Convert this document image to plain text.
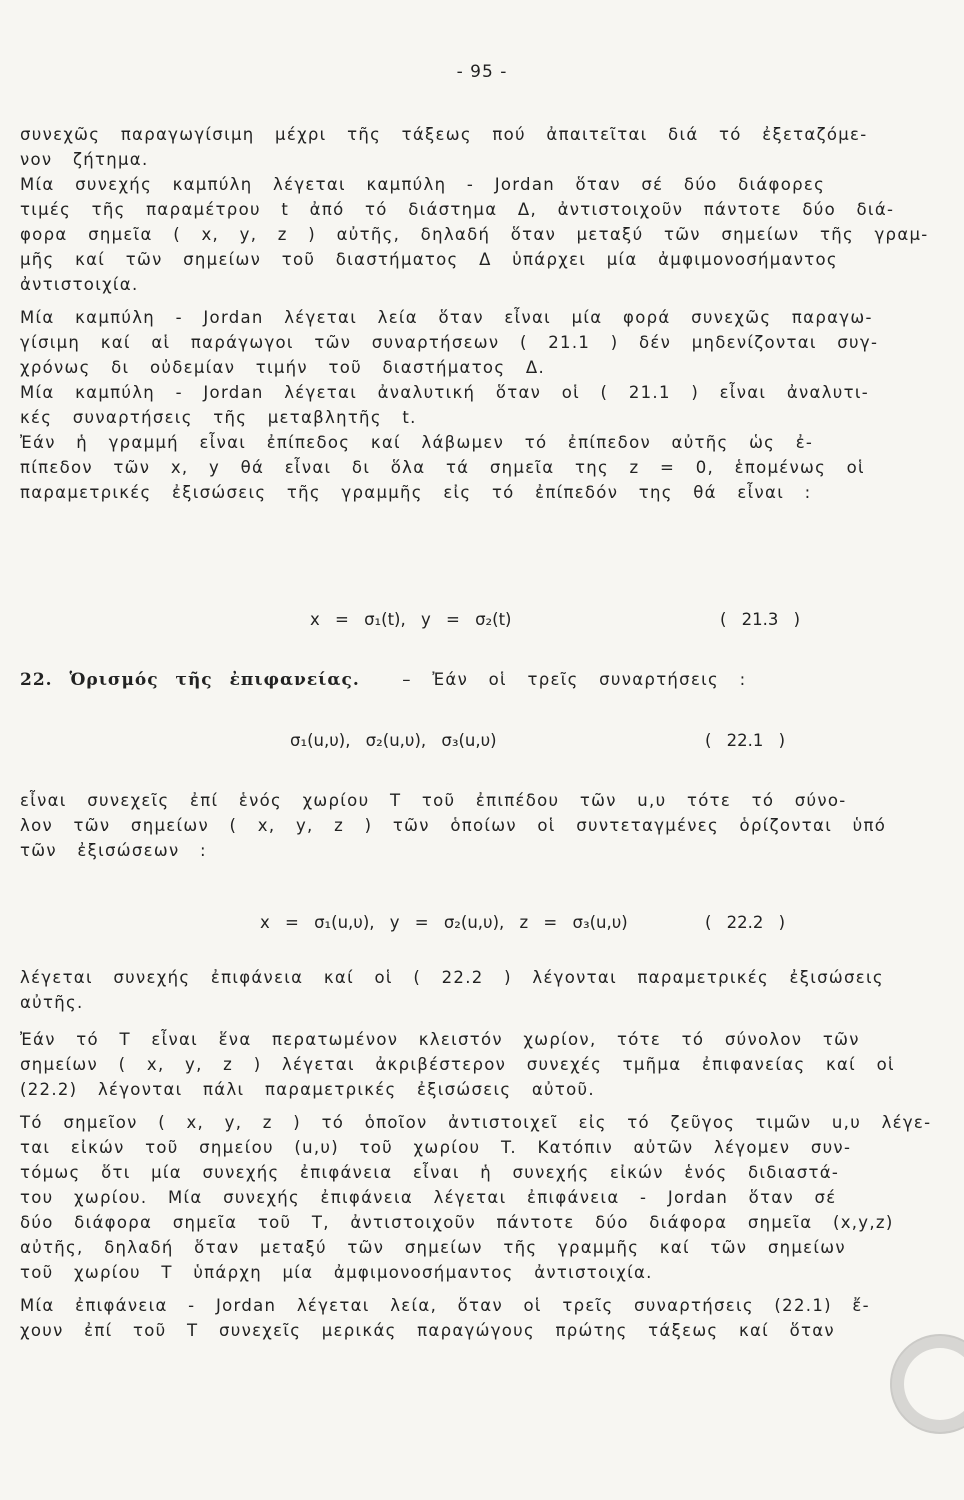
- 95 -
συνεχῶς παραγωγίσιμη μέχρι τῆς τάξεως πού ἀπαιτεῖται διά τό ἐξεταζόμε-
νον ζήτημα.
Μία συνεχής καμπύλη λέγεται καμπύλη - Jordan ὅταν σέ δύο διάφορες
τιμές τῆς παραμέτρου t ἀπό τό διάστημα Δ, ἀντιστοιχοῦν πάντοτε δύο διά-
φορα σημεῖα ( x, y, z ) αὐτῆς, δηλαδή ὅταν μεταξύ τῶν σημείων τῆς γραμ-
μῆς καί τῶν σημείων τοῦ διαστήματος Δ ὑπάρχει μία ἀμφιμονοσήμαντος
ἀντιστοιχία.
Μία καμπύλη - Jordan λέγεται λεία ὅταν εἶναι μία φορά συνεχῶς παραγω-
γίσιμη καί αἱ παράγωγοι τῶν συναρτήσεων ( 21.1 ) δέν μηδενίζονται συγ-
χρόνως δι οὐδεμίαν τιμήν τοῦ διαστήματος Δ.
Μία καμπύλη - Jordan λέγεται ἀναλυτική ὅταν οἱ ( 21.1 ) εἶναι ἀναλυτι-
κές συναρτήσεις τῆς μεταβλητῆς t.
Ἐάν ἡ γραμμή εἶναι ἐπίπεδος καί λάβωμεν τό ἐπίπεδον αὐτῆς ὡς ἐ-
πίπεδον τῶν x, y θά εἶναι δι ὅλα τά σημεῖα της z = 0, ἑπομένως οἱ
παραμετρικές ἐξισώσεις τῆς γραμμῆς εἰς τό ἐπίπεδόν της θά εἶναι :
x = σ₁(t), y = σ₂(t)	( 21.3 )
22. Ὁρισμός τῆς ἐπιφανείας.	– Ἐάν οἱ τρεῖς συναρτήσεις :
σ₁(u,υ), σ₂(u,υ), σ₃(u,υ)	( 22.1 )
εἶναι συνεχεῖς ἐπί ἑνός χωρίου T τοῦ ἐπιπέδου τῶν u,υ τότε τό σύνο-
λον τῶν σημείων ( x, y, z ) τῶν ὁποίων οἱ συντεταγμένες ὁρίζονται ὑπό
τῶν ἐξισώσεων :
x = σ₁(u,υ), y = σ₂(u,υ), z = σ₃(u,υ)	( 22.2 )
λέγεται συνεχής ἐπιφάνεια καί οἱ ( 22.2 ) λέγονται παραμετρικές ἐξισώσεις
αὐτῆς.
Ἐάν τό T εἶναι ἕνα περατωμένον κλειστόν χωρίον, τότε τό σύνολον τῶν
σημείων ( x, y, z ) λέγεται ἀκριβέστερον συνεχές τμῆμα ἐπιφανείας καί οἱ
(22.2) λέγονται πάλι παραμετρικές ἐξισώσεις αὐτοῦ.
Τό σημεῖον ( x, y, z ) τό ὁποῖον ἀντιστοιχεῖ εἰς τό ζεῦγος τιμῶν u,υ λέγε-
ται εἰκών τοῦ σημείου (u,υ) τοῦ χωρίου T. Κατόπιν αὐτῶν λέγομεν συν-
τόμως ὅτι μία συνεχής ἐπιφάνεια εἶναι ἡ συνεχής εἰκών ἑνός διδιαστά-
του χωρίου. Μία συνεχής ἐπιφάνεια λέγεται ἐπιφάνεια - Jordan ὅταν σέ
δύο διάφορα σημεῖα τοῦ T, ἀντιστοιχοῦν πάντοτε δύο διάφορα σημεῖα (x,y,z)
αὐτῆς, δηλαδή ὅταν μεταξύ τῶν σημείων τῆς γραμμῆς καί τῶν σημείων
τοῦ χωρίου T ὑπάρχη μία ἀμφιμονοσήμαντος ἀντιστοιχία.
Μία ἐπιφάνεια - Jordan λέγεται λεία, ὅταν οἱ τρεῖς συναρτήσεις (22.1) ἔ-
χουν ἐπί τοῦ T συνεχεῖς μερικάς παραγώγους πρώτης τάξεως καί ὅταν
